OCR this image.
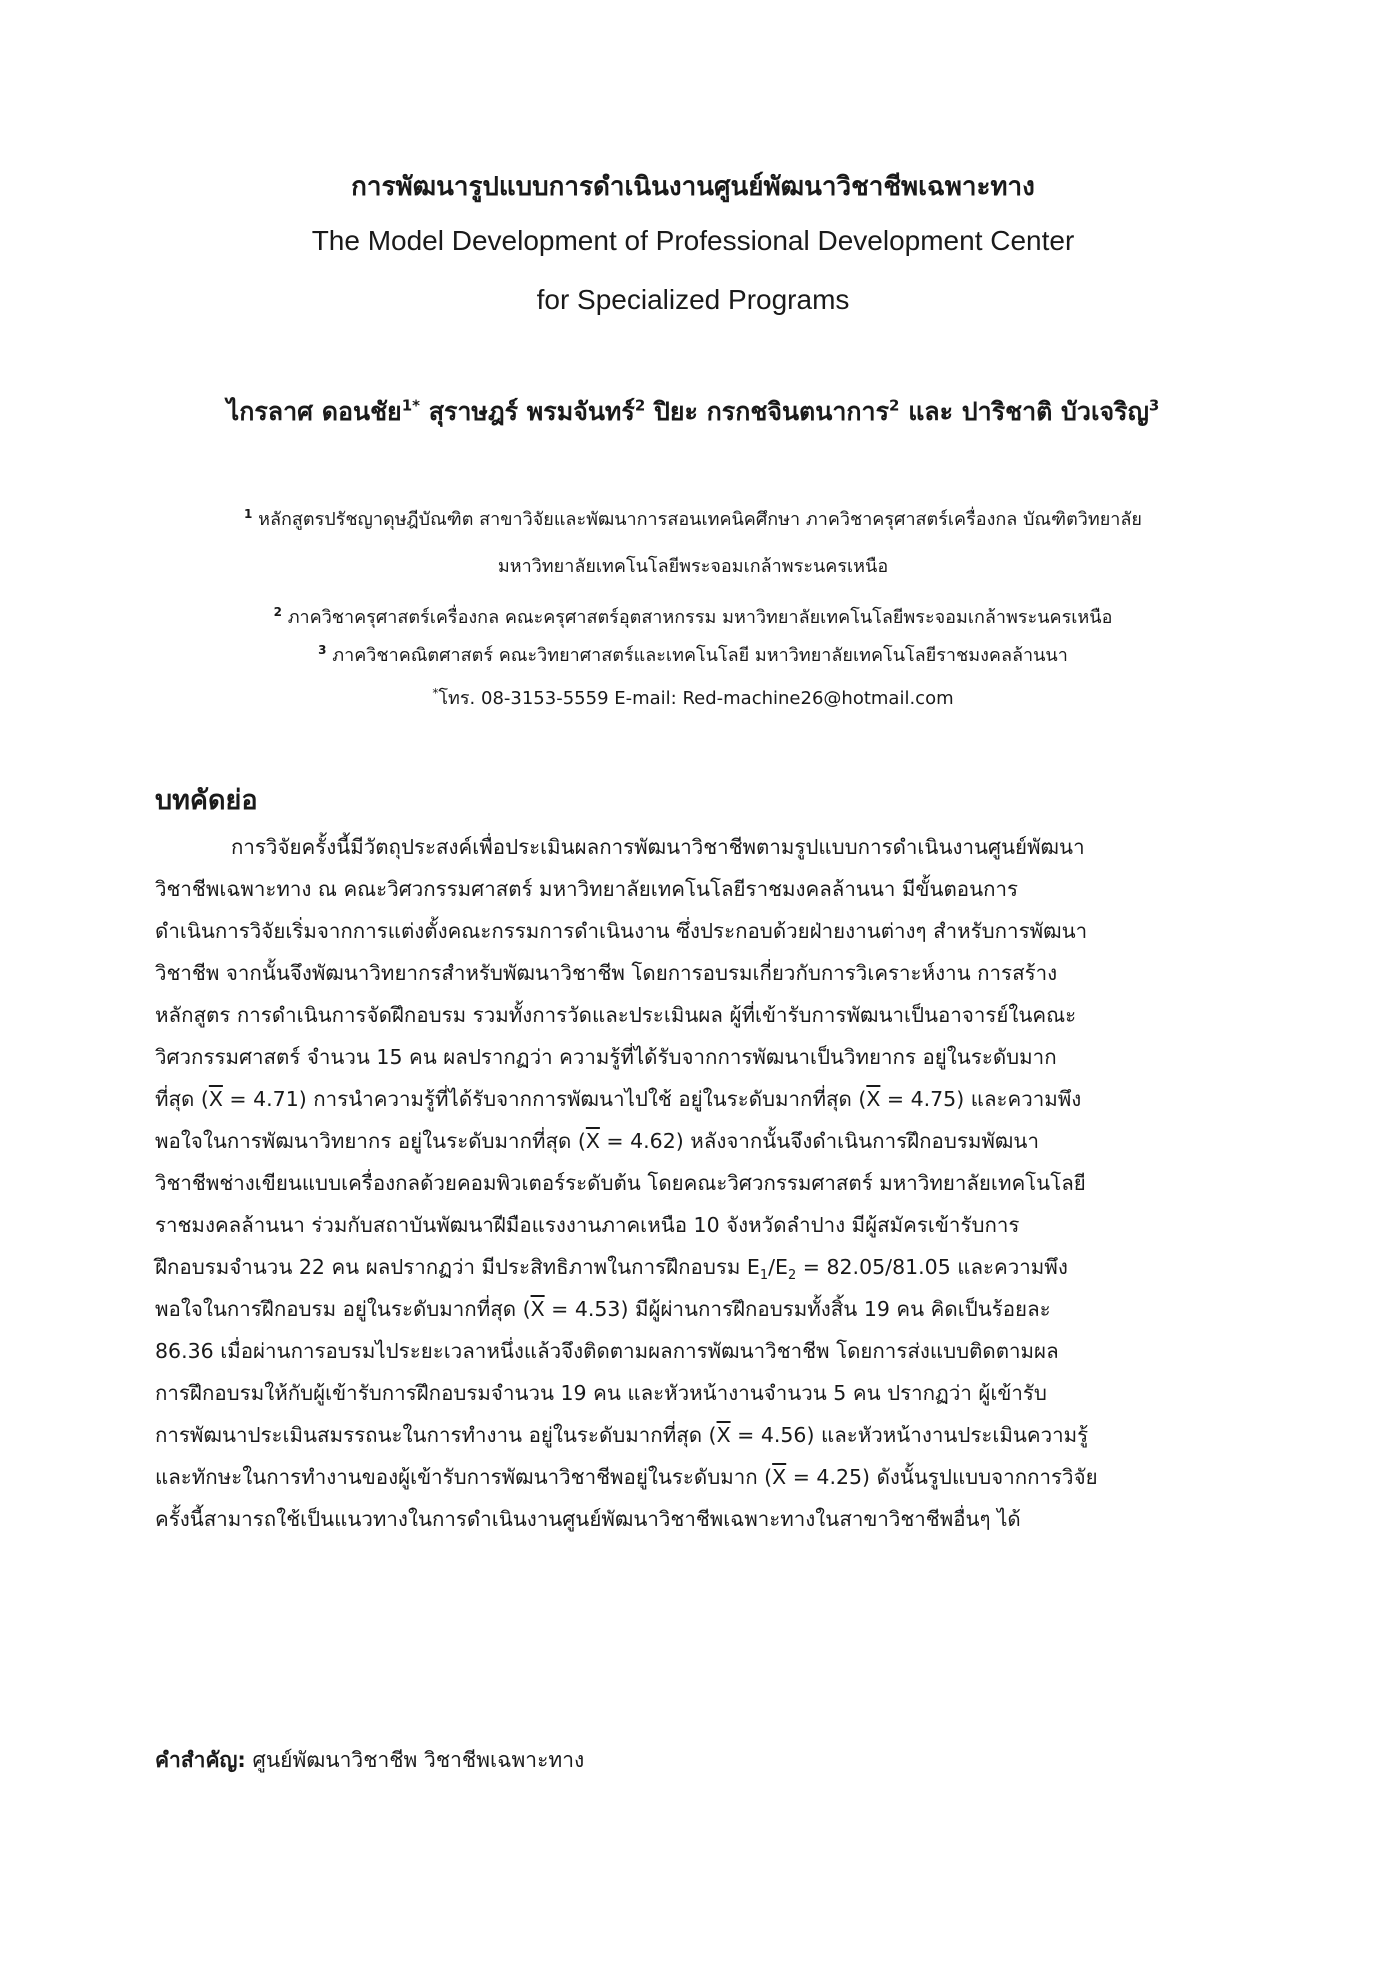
การพัฒนารูปแบบการดำเนินงานศูนย์พัฒนาวิชาชีพเฉพาะทาง
The Model Development of Professional Development Center
for Specialized Programs
ไกรลาศ ดอนชัย$^{1*}$ สุราษฎร์ พรมจันทร์$^2$ ปิยะ กรกชจินตนาการ$^2$ และ ปาริชาติ บัวเจริญ$^3$
$^1$ หลักสูตรปรัชญาดุษฎีบัณฑิต สาขาวิจัยและพัฒนาการสอนเทคนิคศึกษา ภาควิชาครุศาสตร์เครื่องกล บัณฑิตวิทยาลัย
มหาวิทยาลัยเทคโนโลยีพระจอมเกล้าพระนครเหนือ
$^2$ ภาควิชาครุศาสตร์เครื่องกล คณะครุศาสตร์อุตสาหกรรม มหาวิทยาลัยเทคโนโลยีพระจอมเกล้าพระนครเหนือ
$^3$ ภาควิชาคณิตศาสตร์ คณะวิทยาศาสตร์และเทคโนโลยี มหาวิทยาลัยเทคโนโลยีราชมงคลล้านนา
*โทร. 08-3153-5559 E-mail: Red-machine26@hotmail.com
บทคัดย่อ
การวิจัยครั้งนี้มีวัตถุประสงค์เพื่อประเมินผลการพัฒนาวิชาชีพตามรูปแบบการดำเนินงานศูนย์พัฒนา
วิชาชีพเฉพาะทาง ณ คณะวิศวกรรมศาสตร์ มหาวิทยาลัยเทคโนโลยีราชมงคลล้านนา มีขั้นตอนการ
ดำเนินการวิจัยเริ่มจากการแต่งตั้งคณะกรรมการดำเนินงาน ซึ่งประกอบด้วยฝ่ายงานต่างๆ สำหรับการพัฒนา
วิชาชีพ จากนั้นจึงพัฒนาวิทยากรสำหรับพัฒนาวิชาชีพ โดยการอบรมเกี่ยวกับการวิเคราะห์งาน การสร้าง
หลักสูตร การดำเนินการจัดฝึกอบรม รวมทั้งการวัดและประเมินผล ผู้ที่เข้ารับการพัฒนาเป็นอาจารย์ในคณะ
วิศวกรรมศาสตร์ จำนวน 15 คน ผลปรากฏว่า ความรู้ที่ได้รับจากการพัฒนาเป็นวิทยากร อยู่ในระดับมาก
ที่สุด $(\overline{X} = 4.71)$ การนำความรู้ที่ได้รับจากการพัฒนาไปใช้ อยู่ในระดับมากที่สุด $(\overline{X} = 4.75)$ และความพึง
พอใจในการพัฒนาวิทยากร อยู่ในระดับมากที่สุด $(\overline{X} = 4.62)$ หลังจากนั้นจึงดำเนินการฝึกอบรมพัฒนา
วิชาชีพช่างเขียนแบบเครื่องกลด้วยคอมพิวเตอร์ระดับต้น โดยคณะวิศวกรรมศาสตร์ มหาวิทยาลัยเทคโนโลยี
ราชมงคลล้านนา ร่วมกับสถาบันพัฒนาฝีมือแรงงานภาคเหนือ 10 จังหวัดลำปาง มีผู้สมัครเข้ารับการ
ฝึกอบรมจำนวน 22 คน ผลปรากฏว่า มีประสิทธิภาพในการฝึกอบรม $E_1/E_2 = 82.05/81.05$ และความพึง
พอใจในการฝึกอบรม อยู่ในระดับมากที่สุด $(\overline{X} = 4.53)$ มีผู้ผ่านการฝึกอบรมทั้งสิ้น 19 คน คิดเป็นร้อยละ
86.36 เมื่อผ่านการอบรมไประยะเวลาหนึ่งแล้วจึงติดตามผลการพัฒนาวิชาชีพ โดยการส่งแบบติดตามผล
การฝึกอบรมให้กับผู้เข้ารับการฝึกอบรมจำนวน 19 คน และหัวหน้างานจำนวน 5 คน ปรากฏว่า ผู้เข้ารับ
การพัฒนาประเมินสมรรถนะในการทำงาน อยู่ในระดับมากที่สุด $(\overline{X} = 4.56)$ และหัวหน้างานประเมินความรู้
และทักษะในการทำงานของผู้เข้ารับการพัฒนาวิชาชีพอยู่ในระดับมาก $(\overline{X} = 4.25)$ ดังนั้นรูปแบบจากการวิจัย
ครั้งนี้สามารถใช้เป็นแนวทางในการดำเนินงานศูนย์พัฒนาวิชาชีพเฉพาะทางในสาขาวิชาชีพอื่นๆ ได้
คำสำคัญ: ศูนย์พัฒนาวิชาชีพ วิชาชีพเฉพาะทาง
